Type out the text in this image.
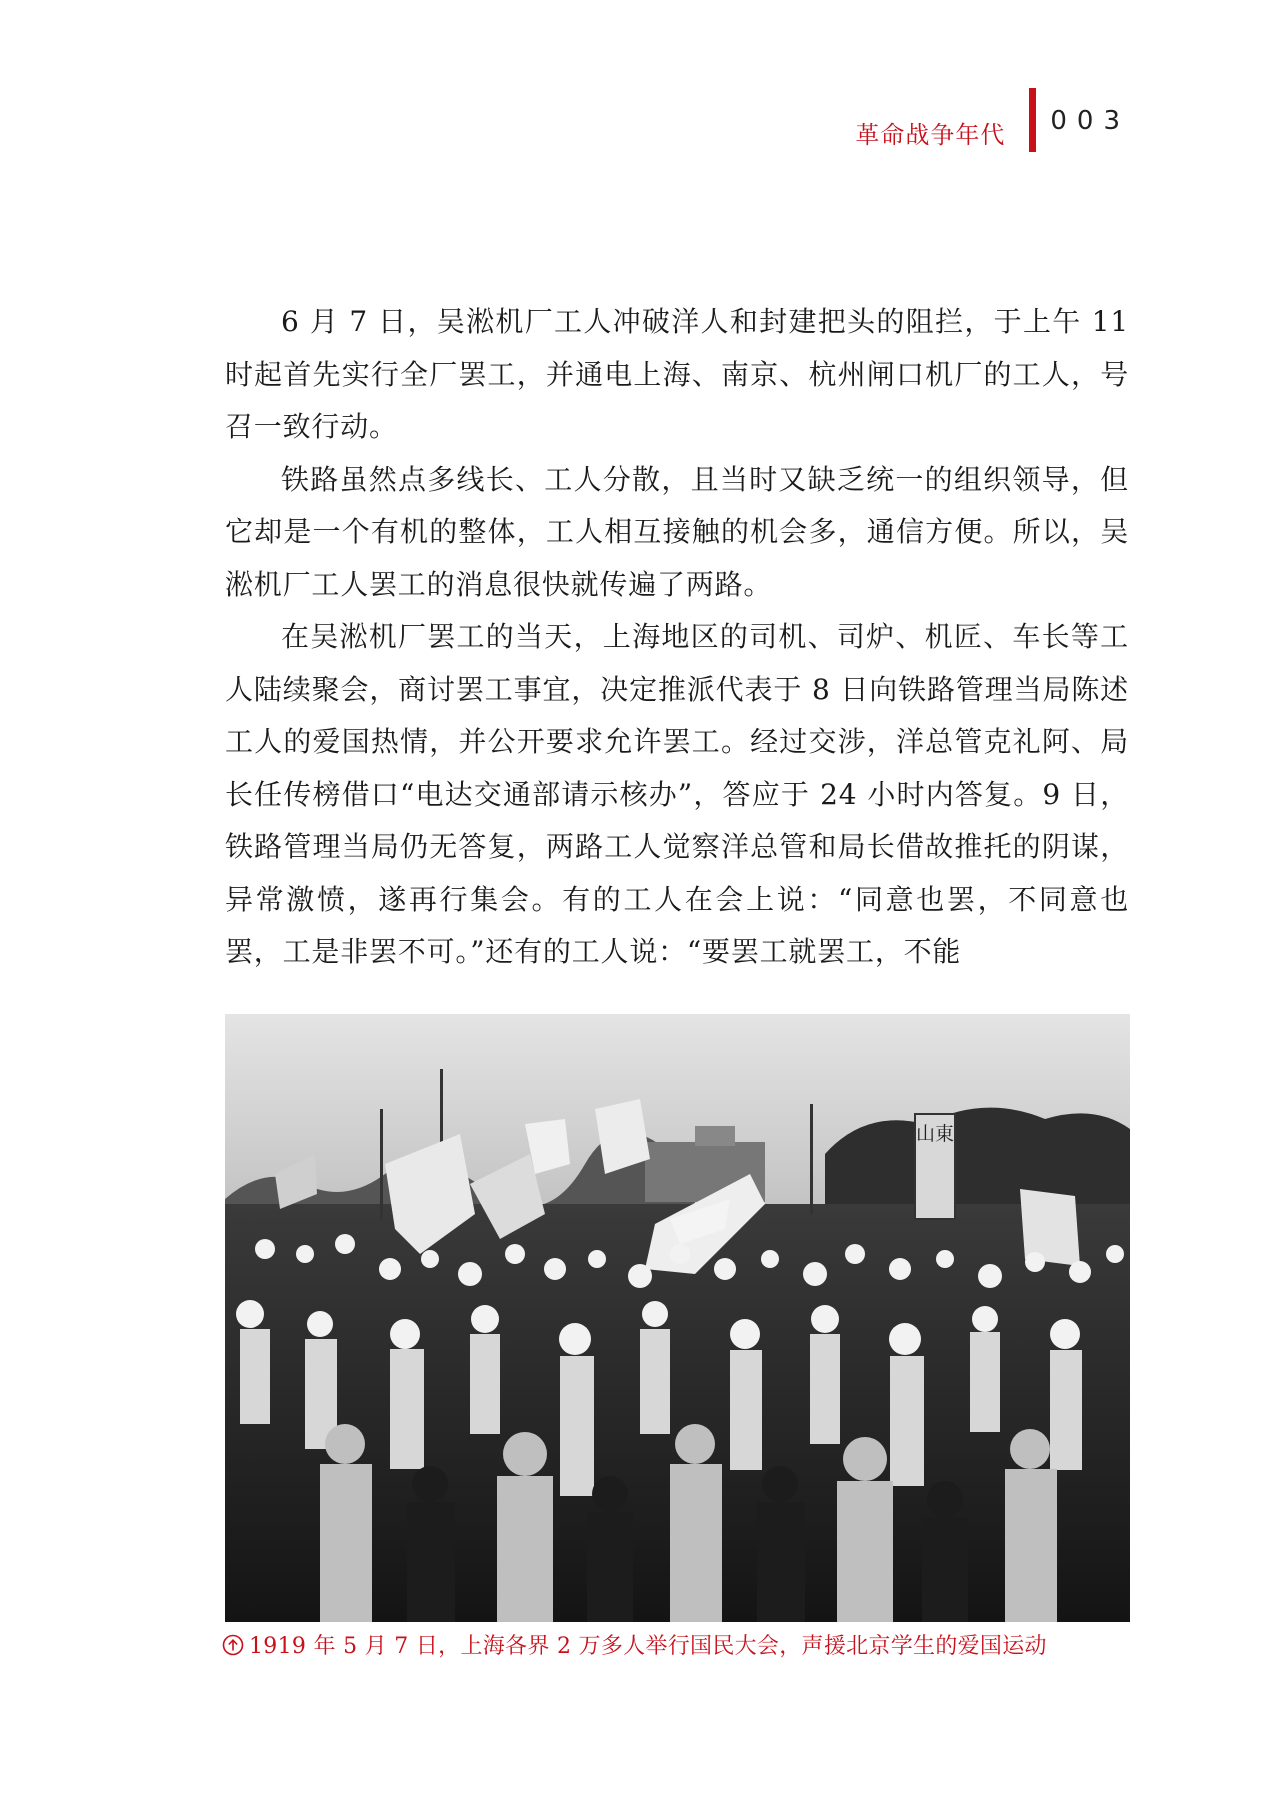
革命战争年代 003

6 月 7 日，吴淞机厂工人冲破洋人和封建把头的阻拦，于上午 11 时起首先实行全厂罢工，并通电上海、南京、杭州闸口机厂的工人，号召一致行动。

铁路虽然点多线长、工人分散，且当时又缺乏统一的组织领导，但它却是一个有机的整体，工人相互接触的机会多，通信方便。所以，吴淞机厂工人罢工的消息很快就传遍了两路。

在吴淞机厂罢工的当天，上海地区的司机、司炉、机匠、车长等工人陆续聚会，商讨罢工事宜，决定推派代表于 8 日向铁路管理当局陈述工人的爱国热情，并公开要求允许罢工。经过交涉，洋总管克礼阿、局长任传榜借口“电达交通部请示核办”，答应于 24 小时内答复。9 日，铁路管理当局仍无答复，两路工人觉察洋总管和局长借故推托的阴谋，异常激愤，遂再行集会。有的工人在会上说：“同意也罢，不同意也罢，工是非罢不可。”还有的工人说：“要罢工就罢工，不能

山東
1919 年 5 月 7 日，上海各界 2 万多人举行国民大会，声援北京学生的爱国运动
